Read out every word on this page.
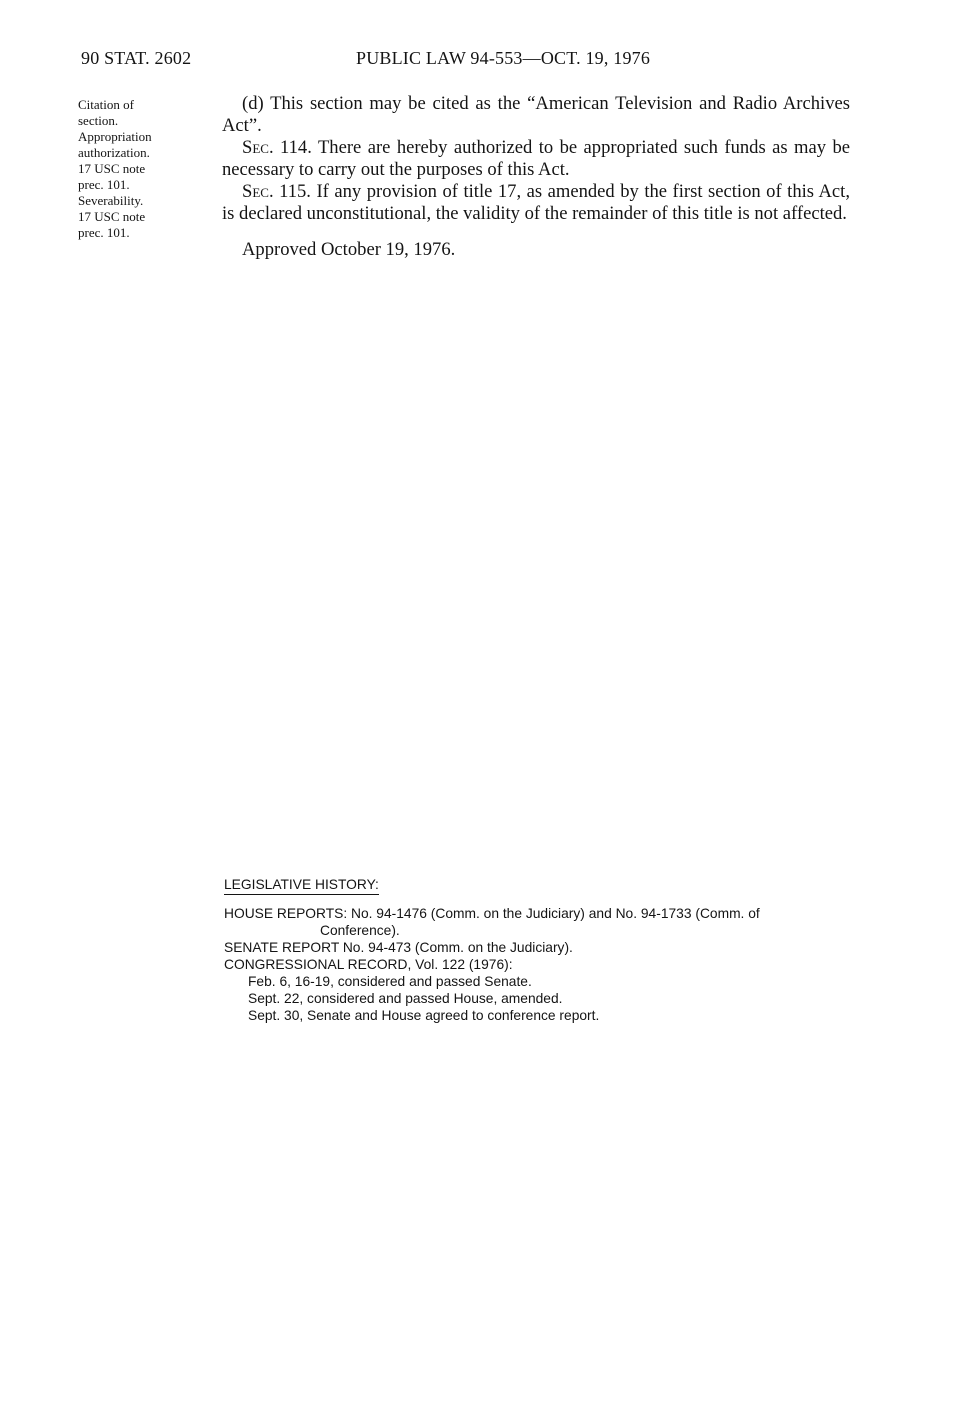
90 STAT. 2602	PUBLIC LAW 94-553—OCT. 19, 1976
Citation of
section.
Appropriation
authorization.
17 USC note
prec. 101.
Severability.
17 USC note
prec. 101.

(d) This section may be cited as the “American Television and Radio Archives Act”.

Sec. 114. There are hereby authorized to be appropriated such funds as may be necessary to carry out the purposes of this Act.

Sec. 115. If any provision of title 17, as amended by the first section of this Act, is declared unconstitutional, the validity of the remainder of this title is not affected.

Approved October 19, 1976.

LEGISLATIVE HISTORY:

HOUSE REPORTS: No. 94-1476 (Comm. on the Judiciary) and No. 94-1733 (Comm. of

Conference).

SENATE REPORT No. 94-473 (Comm. on the Judiciary).

CONGRESSIONAL RECORD, Vol. 122 (1976):

Feb. 6, 16-19, considered and passed Senate.

Sept. 22, considered and passed House, amended.

Sept. 30, Senate and House agreed to conference report.
